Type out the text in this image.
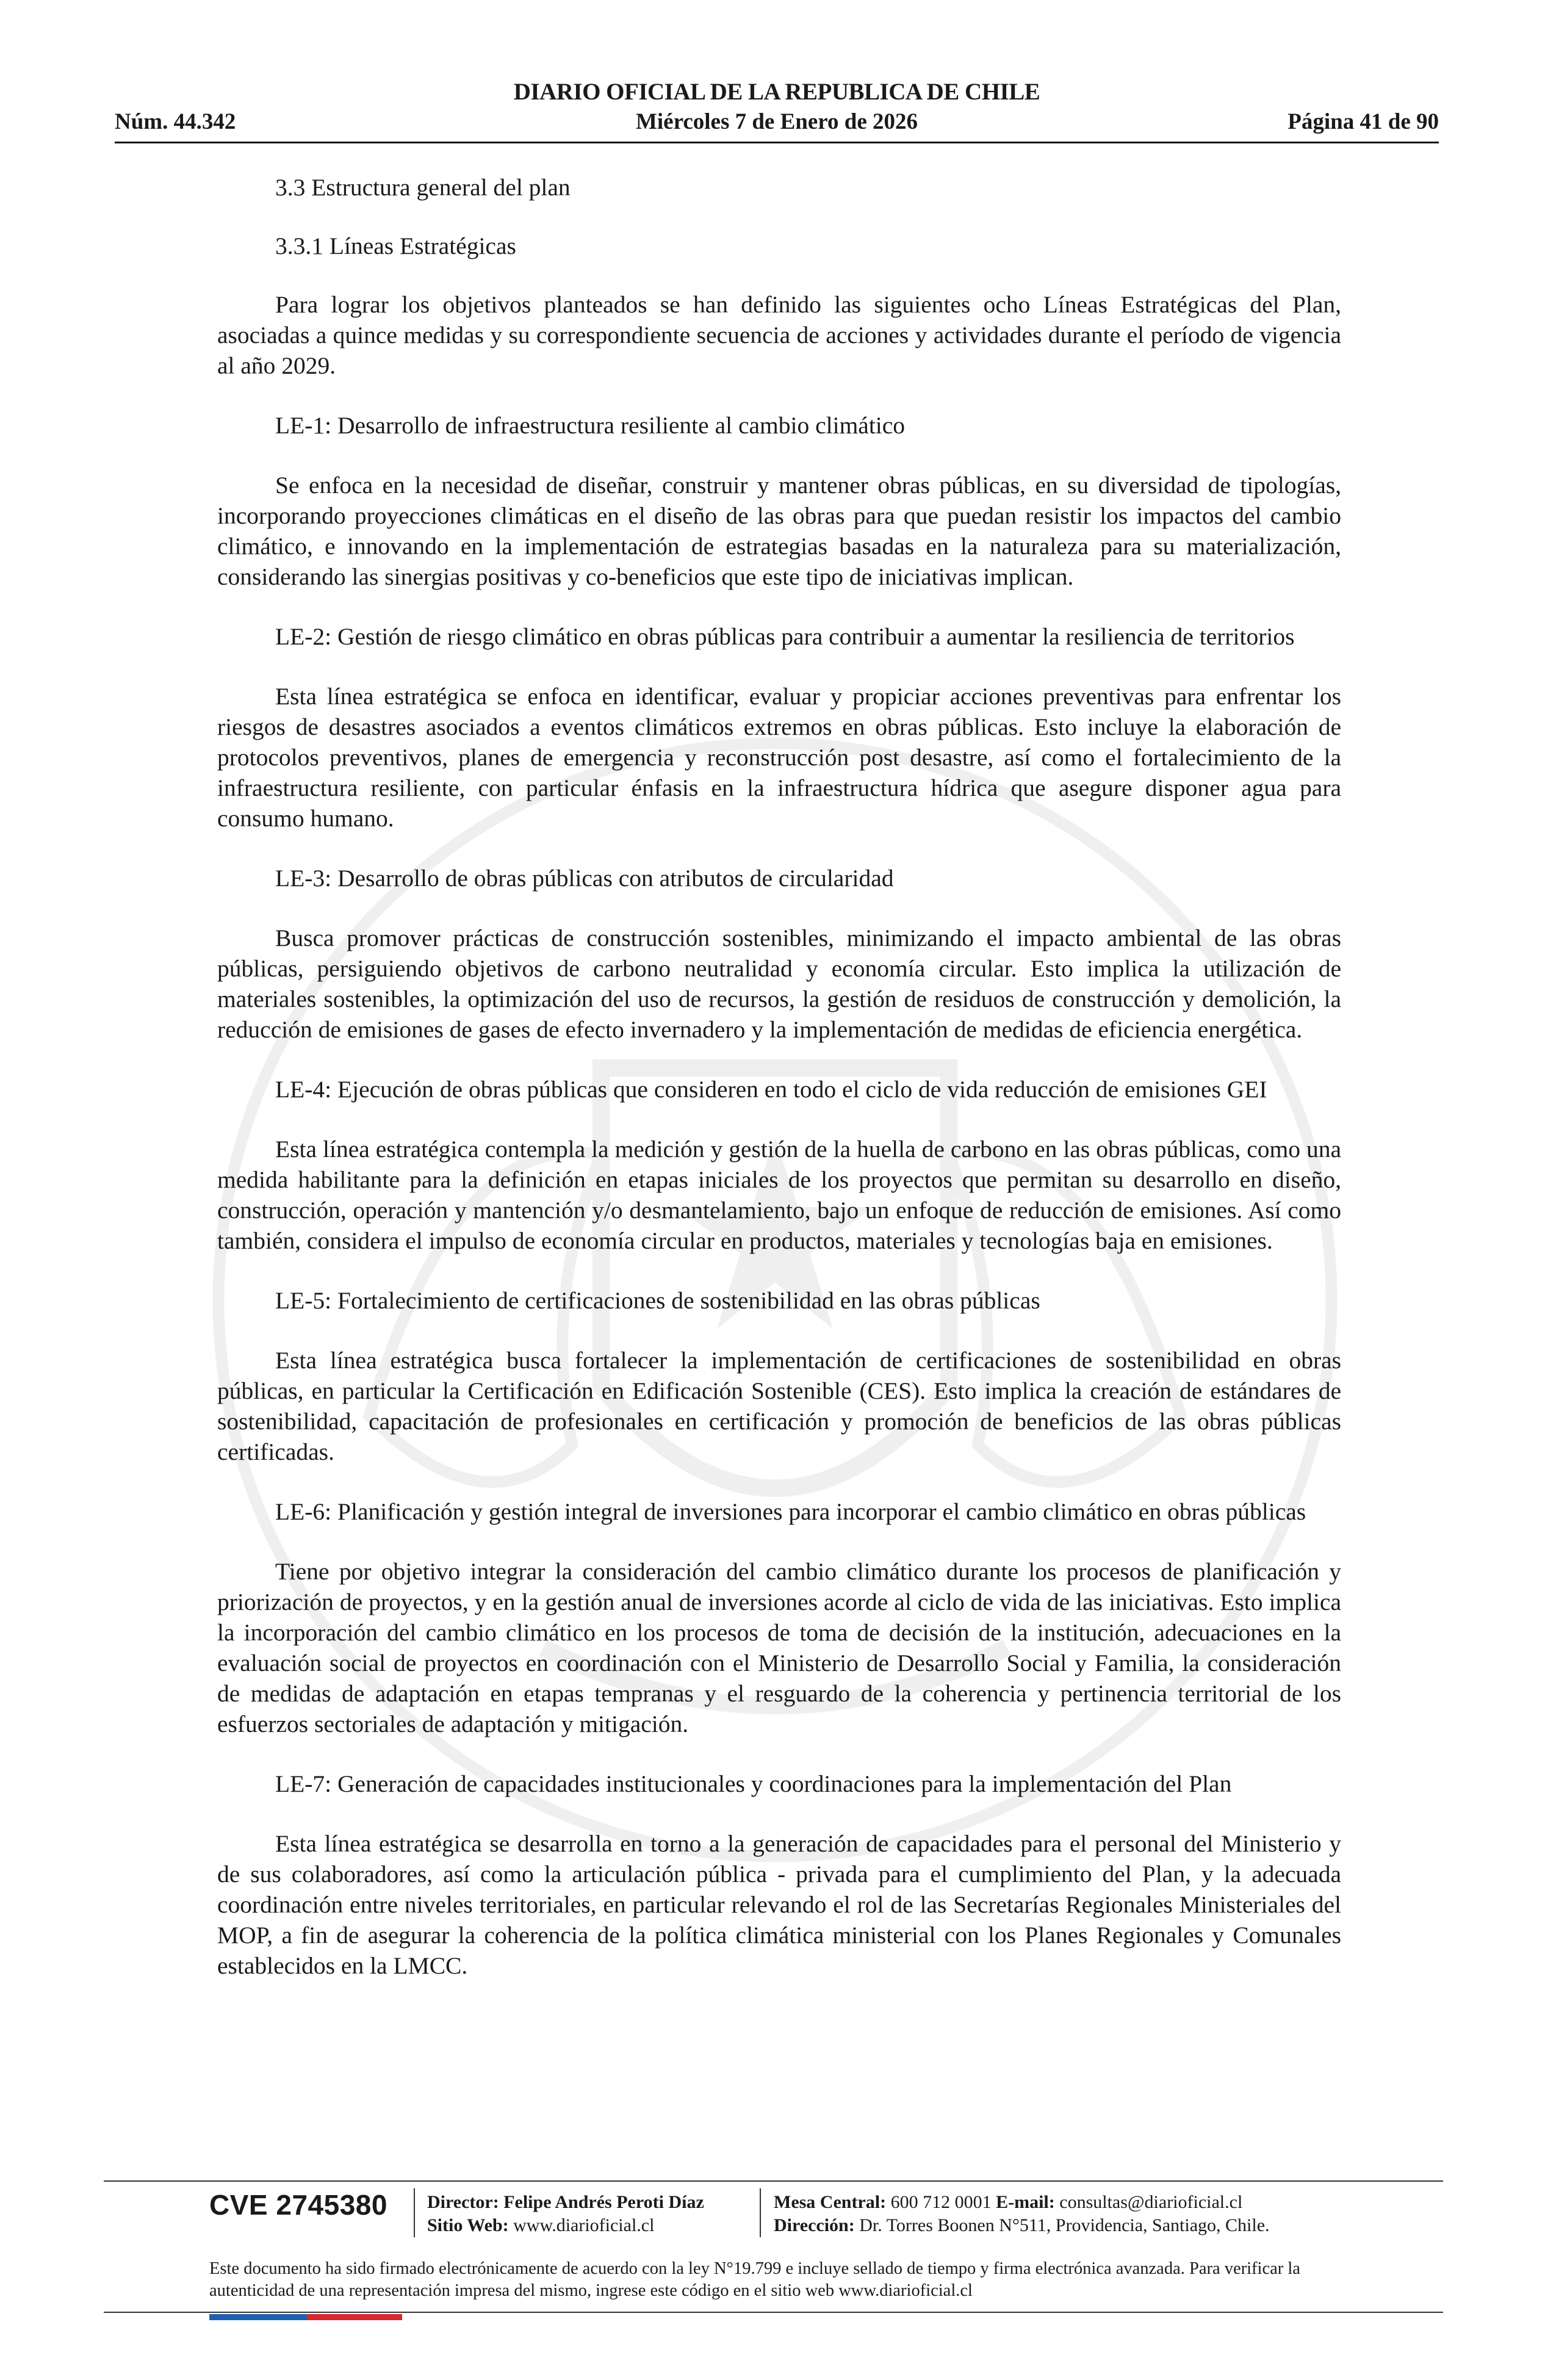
Núm. 44.342
DIARIO OFICIAL DE LA REPUBLICA DE CHILE
Miércoles 7 de Enero de 2026	Página 41 de 90

3.3 Estructura general del plan

3.3.1 Líneas Estratégicas

Para lograr los objetivos planteados se han definido las siguientes ocho Líneas Estratégicas del Plan, asociadas a quince medidas y su correspondiente secuencia de acciones y actividades durante el período de vigencia al año 2029.

LE-1: Desarrollo de infraestructura resiliente al cambio climático

Se enfoca en la necesidad de diseñar, construir y mantener obras públicas, en su diversidad de tipologías, incorporando proyecciones climáticas en el diseño de las obras para que puedan resistir los impactos del cambio climático, e innovando en la implementación de estrategias basadas en la naturaleza para su materialización, considerando las sinergias positivas y co-beneficios que este tipo de iniciativas implican.

LE-2: Gestión de riesgo climático en obras públicas para contribuir a aumentar la resiliencia de territorios

Esta línea estratégica se enfoca en identificar, evaluar y propiciar acciones preventivas para enfrentar los riesgos de desastres asociados a eventos climáticos extremos en obras públicas. Esto incluye la elaboración de protocolos preventivos, planes de emergencia y reconstrucción post desastre, así como el fortalecimiento de la infraestructura resiliente, con particular énfasis en la infraestructura hídrica que asegure disponer agua para consumo humano.

LE-3: Desarrollo de obras públicas con atributos de circularidad

Busca promover prácticas de construcción sostenibles, minimizando el impacto ambiental de las obras públicas, persiguiendo objetivos de carbono neutralidad y economía circular. Esto implica la utilización de materiales sostenibles, la optimización del uso de recursos, la gestión de residuos de construcción y demolición, la reducción de emisiones de gases de efecto invernadero y la implementación de medidas de eficiencia energética.

LE-4: Ejecución de obras públicas que consideren en todo el ciclo de vida reducción de emisiones GEI

Esta línea estratégica contempla la medición y gestión de la huella de carbono en las obras públicas, como una medida habilitante para la definición en etapas iniciales de los proyectos que permitan su desarrollo en diseño, construcción, operación y mantención y/o desmantelamiento, bajo un enfoque de reducción de emisiones. Así como también, considera el impulso de economía circular en productos, materiales y tecnologías baja en emisiones.

LE-5: Fortalecimiento de certificaciones de sostenibilidad en las obras públicas

Esta línea estratégica busca fortalecer la implementación de certificaciones de sostenibilidad en obras públicas, en particular la Certificación en Edificación Sostenible (CES). Esto implica la creación de estándares de sostenibilidad, capacitación de profesionales en certificación y promoción de beneficios de las obras públicas certificadas.

LE-6: Planificación y gestión integral de inversiones para incorporar el cambio climático en obras públicas

Tiene por objetivo integrar la consideración del cambio climático durante los procesos de planificación y priorización de proyectos, y en la gestión anual de inversiones acorde al ciclo de vida de las iniciativas. Esto implica la incorporación del cambio climático en los procesos de toma de decisión de la institución, adecuaciones en la evaluación social de proyectos en coordinación con el Ministerio de Desarrollo Social y Familia, la consideración de medidas de adaptación en etapas tempranas y el resguardo de la coherencia y pertinencia territorial de los esfuerzos sectoriales de adaptación y mitigación.

LE-7: Generación de capacidades institucionales y coordinaciones para la implementación del Plan

Esta línea estratégica se desarrolla en torno a la generación de capacidades para el personal del Ministerio y de sus colaboradores, así como la articulación pública - privada para el cumplimiento del Plan, y la adecuada coordinación entre niveles territoriales, en particular relevando el rol de las Secretarías Regionales Ministeriales del MOP, a fin de asegurar la coherencia de la política climática ministerial con los Planes Regionales y Comunales establecidos en la LMCC.

CVE 2745380 Director: Felipe Andrés Peroti Díaz
Sitio Web: www.diarioficial.cl
Mesa Central: 600 712 0001 E-mail: consultas@diarioficial.cl
Dirección: Dr. Torres Boonen N°511, Providencia, Santiago, Chile.
Este documento ha sido firmado electrónicamente de acuerdo con la ley N°19.799 e incluye sellado de tiempo y firma electrónica avanzada. Para verificar la autenticidad de una representación impresa del mismo, ingrese este código en el sitio web www.diarioficial.cl
